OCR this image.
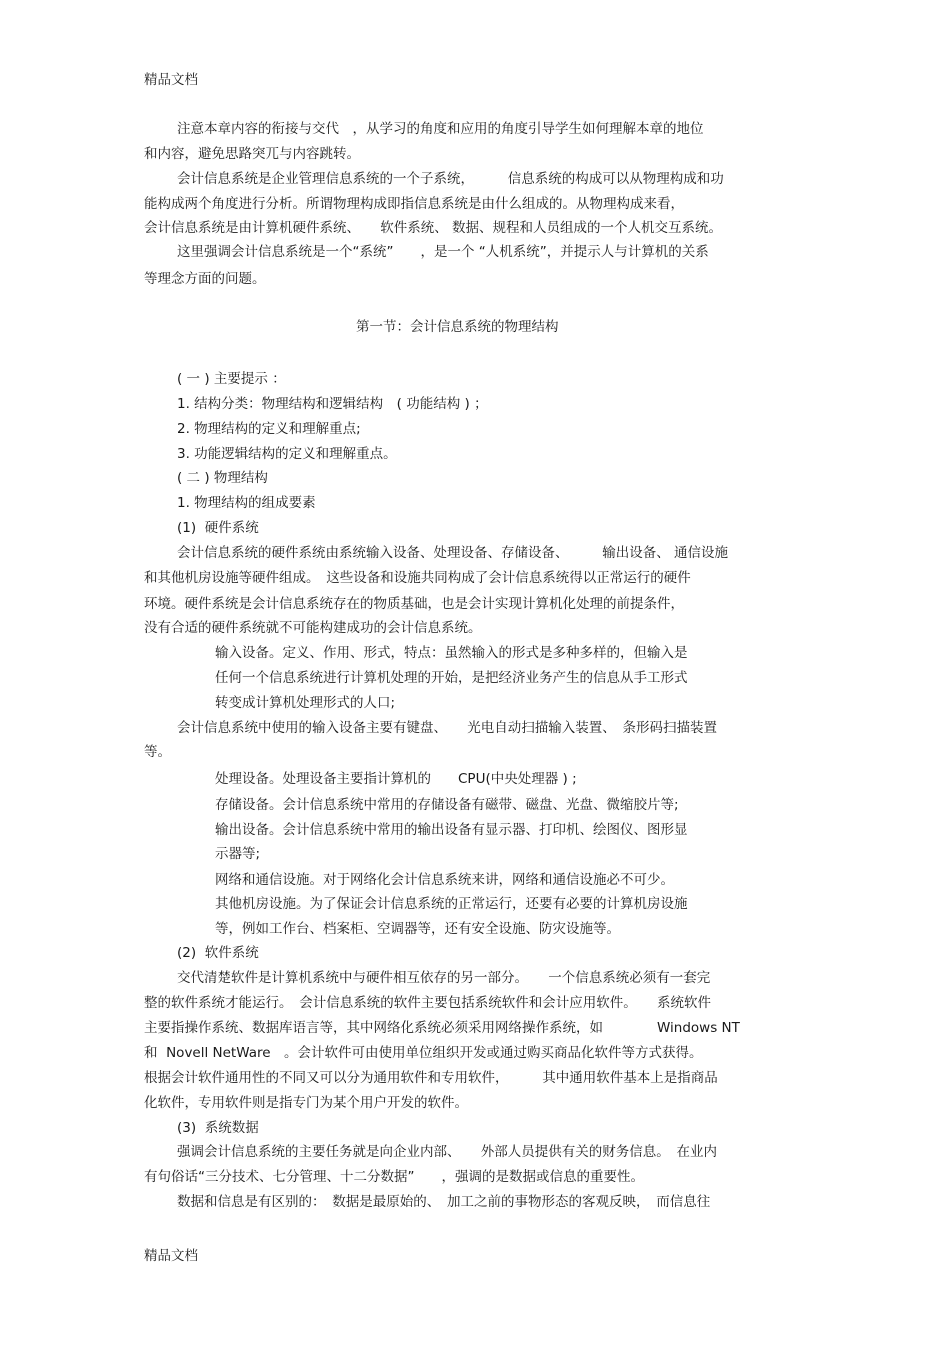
精品文档
第一节：会计信息系统的物理结构
注意本章内容的衔接与交代　，从学习的角度和应用的角度引导学生如何理解本章的地位
和内容，避免思路突兀与内容跳转。
会计信息系统是企业管理信息系统的一个子系统，　　　信息系统的构成可以从物理构成和功
能构成两个角度进行分析。所谓物理构成即指信息系统是由什么组成的。从物理构成来看，
会计信息系统是由计算机硬件系统、　　软件系统、 数据、规程和人员组成的一个人机交互系统。
这里强调会计信息系统是一个“系统”　　，是一个 “人机系统”，并提示人与计算机的关系
等理念方面的问题。
( 一 ) 主要提示 ：
1. 结构分类：物理结构和逻辑结构　( 功能结构 ) ；
2. 物理结构的定义和理解重点;
3. 功能逻辑结构的定义和理解重点。
( 二 ) 物理结构
1. 物理结构的组成要素
(1)  硬件系统
会计信息系统的硬件系统由系统输入设备、处理设备、存储设备、　　　输出设备、 通信设施
和其他机房设施等硬件组成。　这些设备和设施共同构成了会计信息系统得以正常运行的硬件
环境。硬件系统是会计信息系统存在的物质基础，也是会计实现计算机化处理的前提条件，
没有合适的硬件系统就不可能构建成功的会计信息系统。
输入设备。定义、作用、形式，特点：虽然输入的形式是多种多样的，但输入是
任何一个信息系统进行计算机处理的开始，是把经济业务产生的信息从手工形式
转变成计算机处理形式的人口;
会计信息系统中使用的输入设备主要有键盘、　　光电自动扫描输入装置、　条形码扫描装置
等。
处理设备。处理设备主要指计算机的　　CPU(中央处理器 ) ;
存储设备。会计信息系统中常用的存储设备有磁带、磁盘、光盘、微缩胶片等;
输出设备。会计信息系统中常用的输出设备有显示器、打印机、绘图仪、图形显
示器等;
网络和通信设施。对于网络化会计信息系统来讲，网络和通信设施必不可少。
其他机房设施。为了保证会计信息系统的正常运行，还要有必要的计算机房设施
等，例如工作台、档案柜、空调器等，还有安全设施、防灾设施等。
(2)  软件系统
交代清楚软件是计算机系统中与硬件相互依存的另一部分。　　一个信息系统必须有一套完
整的软件系统才能运行。　会计信息系统的软件主要包括系统软件和会计应用软件。　　系统软件
主要指操作系统、数据库语言等，其中网络化系统必须采用网络操作系统，如　　　　Windows NT
和  Novell NetWare　。会计软件可由使用单位组织开发或通过购买商品化软件等方式获得。
根据会计软件通用性的不同又可以分为通用软件和专用软件，　　　其中通用软件基本上是指商品
化软件，专用软件则是指专门为某个用户开发的软件。
(3)  系统数据
强调会计信息系统的主要任务就是向企业内部、　　外部人员提供有关的财务信息。　在业内
有句俗话“三分技术、七分管理、十二分数据”　　，强调的是数据或信息的重要性。
数据和信息是有区别的：　数据是最原始的、　加工之前的事物形态的客观反映，　而信息往
精品文档
